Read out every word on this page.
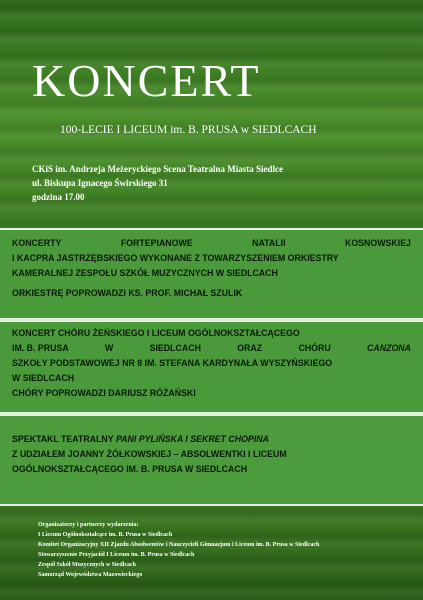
KONCERT
100-LECIE I LICEUM im. B. PRUSA w SIEDLCACH
CKiS im. Andrzeja Meżeryckiego Scena Teatralna Miasta Siedlce
ul. Biskupa Ignacego Świrskiego 31
godzina 17.00
KONCERTY	FORTEPIANOWE	NATALII	KOSNOWSKIEJ
I KACPRA JASTRZĘBSKIEGO WYKONANE Z TOWARZYSZENIEM ORKIESTRY
KAMERALNEJ ZESPOŁU SZKÓŁ MUZYCZNYCH W SIEDLCACH
ORKIESTRĘ POPROWADZI KS. PROF. MICHAŁ SZULIK
KONCERT CHÓRU ŻEŃSKIEGO I LICEUM OGÓLNOKSZTAŁCĄCEGO
IM. B. PRUSA	W	SIEDLCACH	ORAZ	CHÓRU	CANZONA
SZKOŁY PODSTAWOWEJ NR 8 IM. STEFANA KARDYNAŁA WYSZYŃSKIEGO
W SIEDLCACH
CHÓRY POPROWADZI DARIUSZ RÓŻAŃSKI
SPEKTAKL TEATRALNY PANI PYLIŃSKA I SEKRET CHOPINA
Z UDZIAŁEM JOANNY ŻÓŁKOWSKIEJ – ABSOLWENTKI I LICEUM
OGÓLNOKSZTAŁCĄCEGO IM. B. PRUSA W SIEDLCACH
Organizatorzy i partnerzy wydarzenia:
I Liceum Ogólnokształcące im. B. Prusa w Siedlcach
Komitet Organizacyjny XII Zjazdu Absolwentów i Nauczycieli Gimnazjum i Liceum im. B. Prusa w Siedlcach
Stowarzyszenie Przyjaciół I Liceum im. B. Prusa w Siedlcach
Zespół Szkół Muzycznych w Siedlcach
Samorząd Województwa Mazowieckiego
